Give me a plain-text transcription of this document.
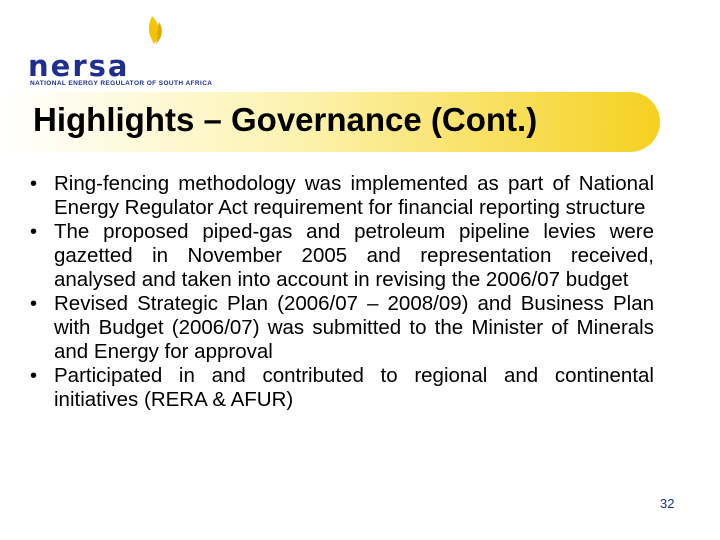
nersa
NATIONAL ENERGY REGULATOR OF SOUTH AFRICA
Highlights – Governance (Cont.)
• Ring-fencing methodology was implemented as part of National Energy Regulator Act requirement for financial reporting structure
• The proposed piped-gas and petroleum pipeline levies were gazetted in November 2005 and representation received, analysed and taken into account in revising the 2006/07 budget
• Revised Strategic Plan (2006/07 – 2008/09) and Business Plan with Budget (2006/07) was submitted to the Minister of Minerals and Energy for approval
• Participated in and contributed to regional and continental initiatives (RERA & AFUR)
32
